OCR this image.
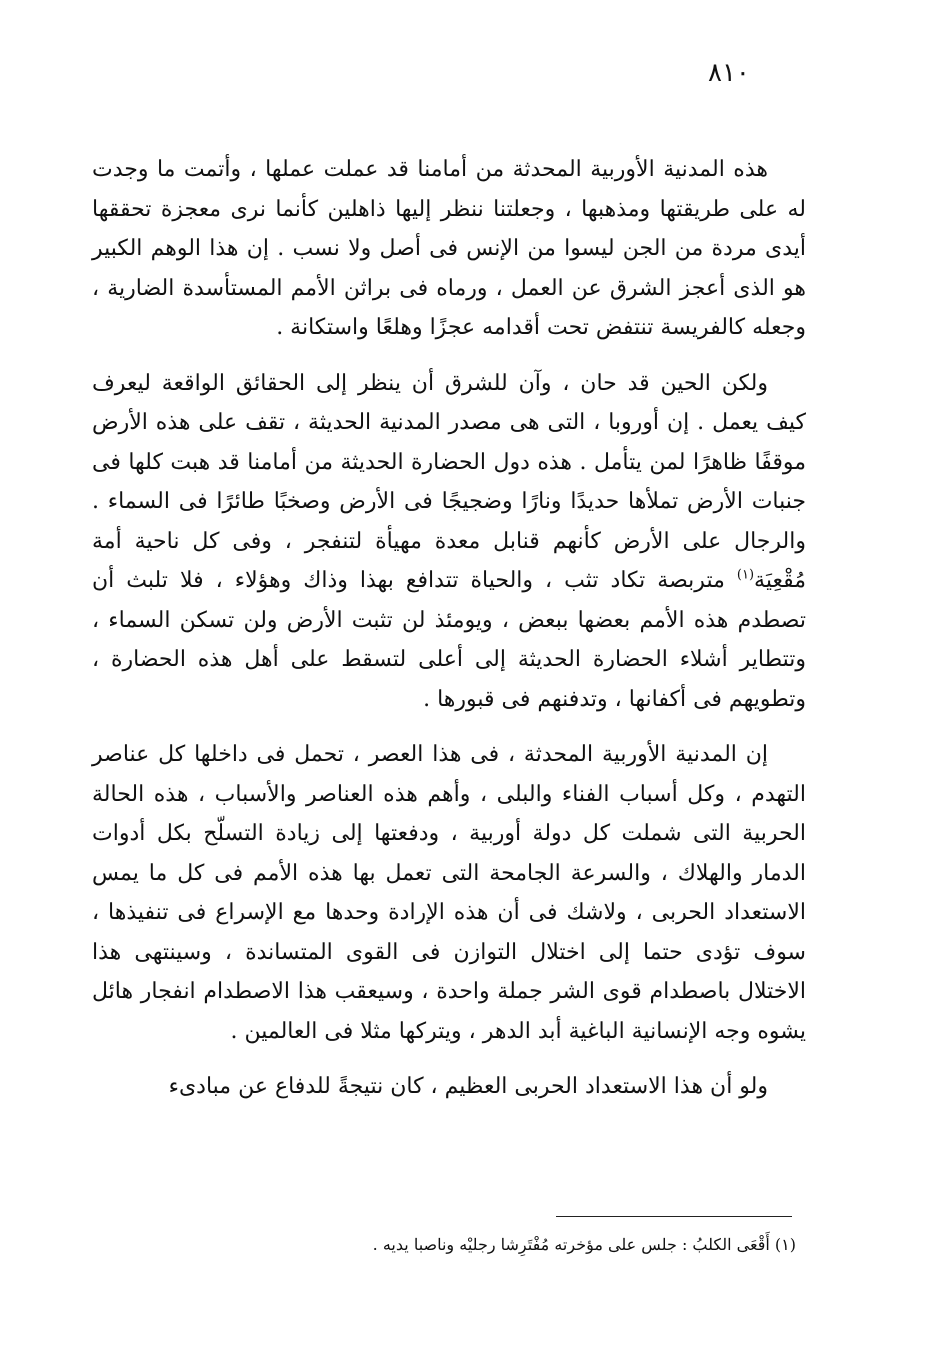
٨١٠

هذه المدنية الأوربية المحدثة من أمامنا قد عملت عملها ، وأتمت ما وجدت له على طريقتها ومذهبها ، وجعلتنا ننظر إليها ذاهلين كأنما نرى معجزة تحققها أيدى مردة من الجن ليسوا من الإنس فى أصل ولا نسب . إن هذا الوهم الكبير هو الذى أعجز الشرق عن العمل ، ورماه فى براثن الأمم المستأسدة الضارية ، وجعله كالفريسة تنتفض تحت أقدامه عجزًا وهلعًا واستكانة .

ولكن الحين قد حان ، وآن للشرق أن ينظر إلى الحقائق الواقعة ليعرف كيف يعمل . إن أوروبا ، التى هى مصدر المدنية الحديثة ، تقف على هذه الأرض موقفًا ظاهرًا لمن يتأمل . هذه دول الحضارة الحديثة من أمامنا قد هبت كلها فى جنبات الأرض تملأها حديدًا ونارًا وضجيجًا فى الأرض وصخبًا طائرًا فى السماء . والرجال على الأرض كأنهم قنابل معدة مهيأة لتنفجر ، وفى كل ناحية أمة مُقْعِيَة$^{(١)}$ متربصة تكاد تثب ، والحياة تتدافع بهذا وذاك وهؤلاء ، فلا تلبث أن تصطدم هذه الأمم بعضها ببعض ، ويومئذ لن تثبت الأرض ولن تسكن السماء ، وتتطاير أشلاء الحضارة الحديثة إلى أعلى لتسقط على أهل هذه الحضارة ، وتطويهم فى أكفانها ، وتدفنهم فى قبورها .

إن المدنية الأوربية المحدثة ، فى هذا العصر ، تحمل فى داخلها كل عناصر التهدم ، وكل أسباب الفناء والبلى ، وأهم هذه العناصر والأسباب ، هذه الحالة الحربية التى شملت كل دولة أوربية ، ودفعتها إلى زيادة التسلّح بكل أدوات الدمار والهلاك ، والسرعة الجامحة التى تعمل بها هذه الأمم فى كل ما يمس الاستعداد الحربى ، ولاشك فى أن هذه الإرادة وحدها مع الإسراع فى تنفيذها ، سوف تؤدى حتما إلى اختلال التوازن فى القوى المتساندة ، وسينتهى هذا الاختلال باصطدام قوى الشر جملة واحدة ، وسيعقب هذا الاصطدام انفجار هائل يشوه وجه الإنسانية الباغية أبد الدهر ، ويتركها مثلا فى العالمين .

ولو أن هذا الاستعداد الحربى العظيم ، كان نتيجةً للدفاع عن مبادىء

(١) أَقْعَى الكلبُ : جلس على مؤخرته مُفْتَرِشا رجليْه وناصبا يديه .
